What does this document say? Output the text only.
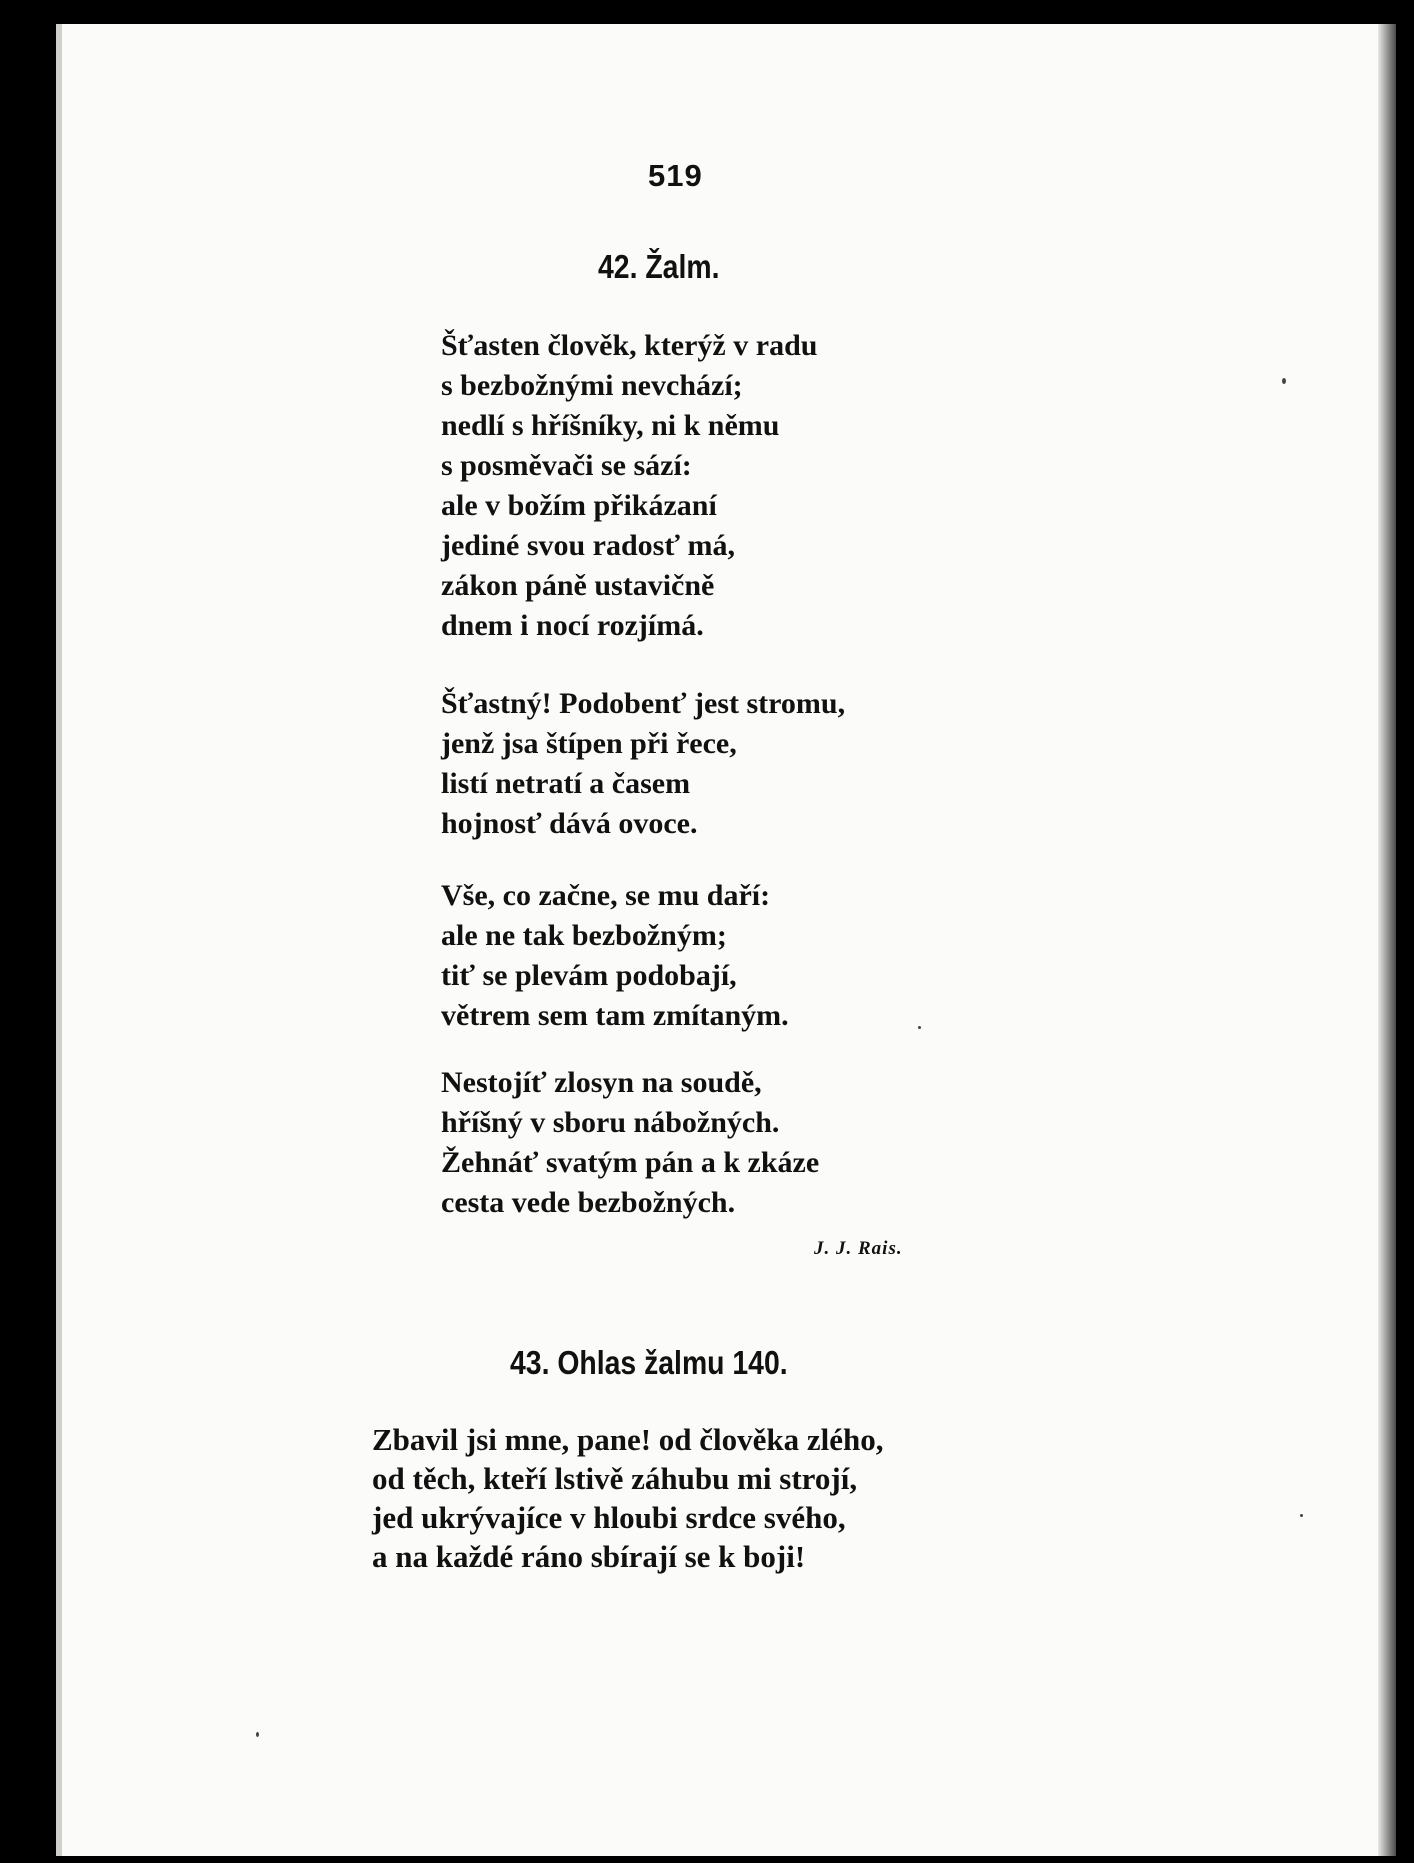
519
42. Žalm.
Šťasten člověk, kterýž v radu
s bezbožnými nevchází;
nedlí s hříšníky, ni k němu
s posměvači se sází:
ale v božím přikázaní
jediné svou radosť má,
zákon páně ustavičně
dnem i nocí rozjímá.
Šťastný! Podobenť jest stromu,
jenž jsa štípen při řece,
listí netratí a časem
hojnosť dává ovoce.
Vše, co začne, se mu daří:
ale ne tak bezbožným;
tiť se plevám podobají,
větrem sem tam zmítaným.
Nestojíť zlosyn na soudě,
hříšný v sboru nábožných.
Žehnáť svatým pán a k zkáze
cesta vede bezbožných.
J. J. Rais.
43. Ohlas žalmu 140.
Zbavil jsi mne, pane! od člověka zlého,
od těch, kteří lstivě záhubu mi strojí,
jed ukrývajíce v hloubi srdce svého,
a na každé ráno sbírají se k boji!
